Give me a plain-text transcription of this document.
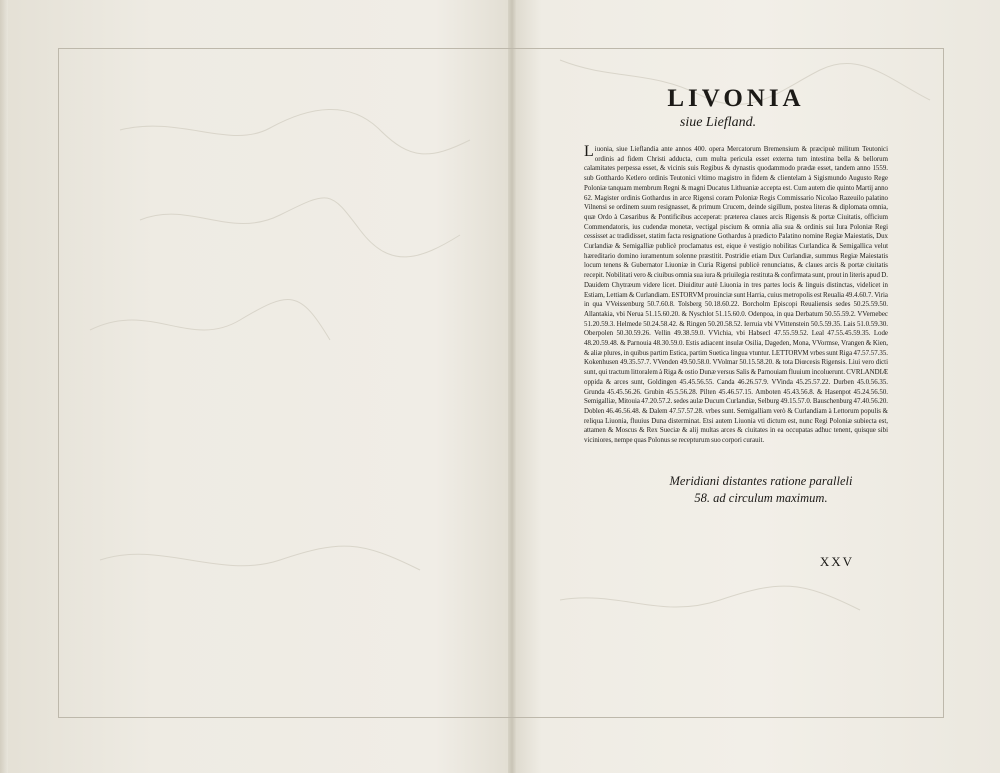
LIVONIA

siue Liefland.

Liuonia, siue Lieflandia ante annos 400. opera Mercatorum Bremensium & præcipuè militum Teutonici ordinis ad fidem Christi adducta, cum multa pericula esset externa tum intestina bella & bellorum calamitates perpessa esset, & vicinis suis Regibus & dynastis quodammodo prædæ esset, tandem anno 1559. sub Gotthardo Ketlero ordinis Teutonici vltimo magistro in fidem & clientelam à Sigismundo Augusto Rege Poloniæ tanquam membrum Regni & magni Ducatus Lithuaniæ accepta est. Cum autem die quinto Martij anno 62. Magister ordinis Gothardus in arce Rigensi coram Poloniæ Regis Commissario Nicolao Razeuilo palatino Vilnensi se ordinem suum resignasset, & primum Crucem, deinde sigillum, postea literas & diplomata omnia, quæ Ordo à Cæsaribus & Pontificibus acceperat: præterea claues arcis Rigensis & portæ Ciuitatis, officium Commendatoris, ius cudendæ monetæ, vectigal piscium & omnia alia sua & ordinis sui Iura Poloniæ Regi cessisset ac tradidisset, statim facta resignatione Gothardus à prædicto Palatino nomine Regiæ Maiestatis, Dux Curlandiæ & Semigalliæ publicè proclamatus est, eique è vestigio nobilitas Curlandica & Semigallica velut hæreditario domino iuramentum solenne præstitit. Postridie etiam Dux Curlandiæ, summus Regiæ Maiestatis locum tenens & Gubernator Liuoniæ in Curia Rigensi publicè renunciatus, & claues arcis & portæ ciuitatis recepit. Nobilitati vero & ciuibus omnia sua iura & priuilegia restituta & confirmata sunt, prout in literis apud D. Dauidem Chytræum videre licet. Diuiditur autè Liuonia in tres partes locis & linguis distinctas, videlicet in Estiam, Lettiam & Curlandiam. ESTORVM prouinciæ sunt Harria, cuius metropolis est Reualia 49.4.60.7. Viria in qua VVeissenburg 50.7.60.8. Tolsberg 50.18.60.22. Borcholm Episcopi Reualiensis sedes 50.25.59.50. Allantakia, vbi Nerua 51.15.60.20. & Nyschlot 51.15.60.0. Odenpoa, in qua Derbatum 50.55.59.2. VVernebec 51.20.59.3. Helmede 50.24.58.42. & Ringen 50.20.58.52. Ierruia vbi VVittenstein 50.5.59.35. Lais 51.0.59.30. Oberpolen 50.30.59.26. Vellin 49.38.59.0. VVichia, vbi Habsecl 47.55.59.52. Leal 47.55.45.59.35. Lode 48.20.59.48. & Parnouia 48.30.59.0. Estis adiacent insulæ Osilia, Dageden, Mona, VVormse, Vrangen & Kien, & aliæ plures, in quibus partim Estica, partim Suetica lingua vtuntur. LETTORVM vrbes sunt Riga 47.57.57.35. Kokenhusen 49.35.57.7. VVenden 49.50.58.0. VVolmar 50.15.58.20. & tota Diœcesis Rigensis. Liui vero dicti sunt, qui tractum littoralem à Riga & ostio Dunæ versus Salis & Parnouiam fluuium incoluerunt. CVRLANDIÆ oppida & arces sunt, Goldingen 45.45.56.55. Canda 46.26.57.9. VVinda 45.25.57.22. Durben 45.0.56.35. Grunda 45.45.56.26. Grubin 45.5.56.28. Pilten 45.46.57.15. Amboten 45.43.56.8. & Hasenpot 45.24.56.50. Semigalliæ, Mitouia 47.20.57.2. sedes aulæ Ducum Curlandiæ, Selburg 49.15.57.0. Bauschenburg 47.40.56.20. Doblen 46.46.56.48. & Dalem 47.57.57.28. vrbes sunt. Semigalliam verò & Curlandiam à Lettorum populis & reliqua Liuonia, fluuius Duna disterminat. Etsi autem Liuonia vti dictum est, nunc Regi Poloniæ subiecta est, attamen & Moscus & Rex Sueciæ & alij multas arces & ciuitates in ea occupatas adhuc tenent, quisque sibi viciniores, nempe quas Polonus se recepturum suo corpori curauit.

Meridiani distantes ratione paralleli
58. ad circulum maximum.
XXV
